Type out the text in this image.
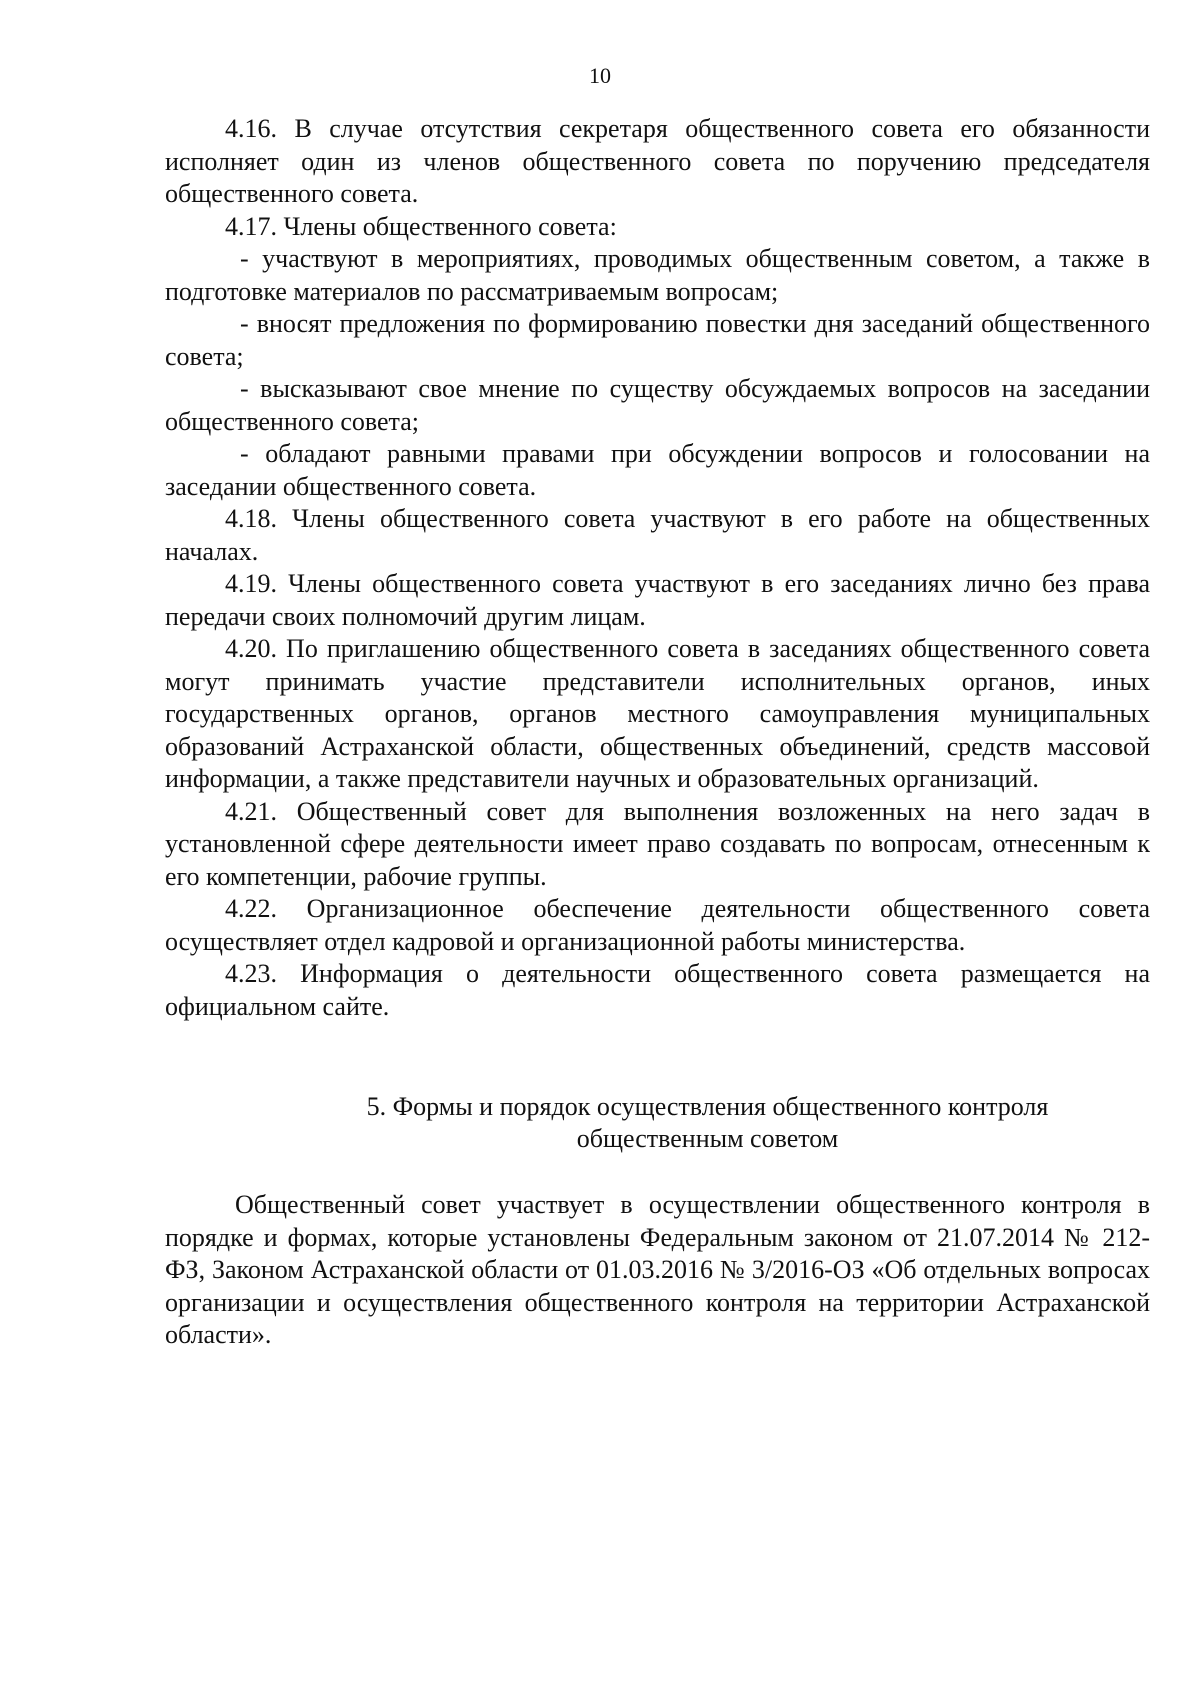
10

4.16. В случае отсутствия секретаря общественного совета его обязанности исполняет один из членов общественного совета по поручению председателя общественного совета.

4.17. Члены общественного совета:

- участвуют в мероприятиях, проводимых общественным советом, а также в подготовке материалов по рассматриваемым вопросам;

- вносят предложения по формированию повестки дня заседаний общественного совета;

- высказывают свое мнение по существу обсуждаемых вопросов на заседании общественного совета;

- обладают равными правами при обсуждении вопросов и голосовании на заседании общественного совета.

4.18. Члены общественного совета участвуют в его работе на общественных началах.

4.19. Члены общественного совета участвуют в его заседаниях лично без права передачи своих полномочий другим лицам.

4.20. По приглашению общественного совета в заседаниях общественного совета могут принимать участие представители исполнительных органов, иных государственных органов, органов местного самоуправления муниципальных образований Астраханской области, общественных объединений, средств массовой информации, а также представители научных и образовательных организаций.

4.21. Общественный совет для выполнения возложенных на него задач в установленной сфере деятельности имеет право создавать по вопросам, отнесенным к его компетенции, рабочие группы.

4.22. Организационное обеспечение деятельности общественного совета осуществляет отдел кадровой и организационной работы министерства.

4.23. Информация о деятельности общественного совета размещается на официальном сайте.

5. Формы и порядок осуществления общественного контроля
общественным советом

Общественный совет участвует в осуществлении общественного контроля в порядке и формах, которые установлены Федеральным законом от 21.07.2014 № 212-ФЗ, Законом Астраханской области от 01.03.2016 № 3/2016-ОЗ «Об отдельных вопросах организации и осуществления общественного контроля на территории Астраханской области».
